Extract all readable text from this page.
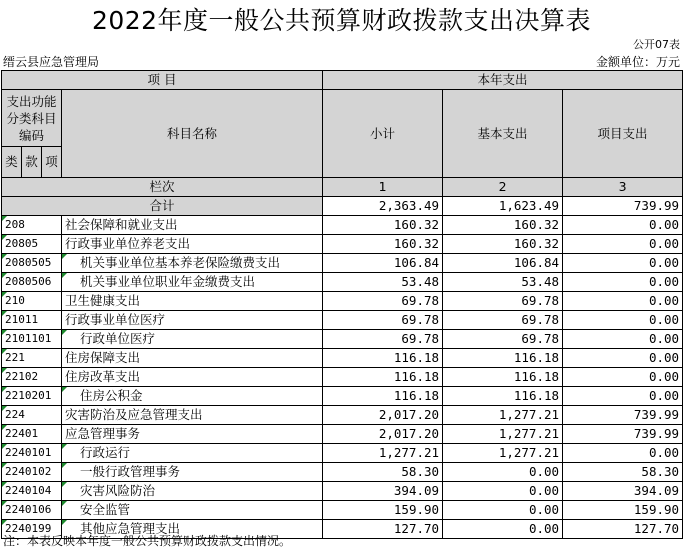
2022年度一般公共预算财政拨款支出决算表
公开07表
缙云县应急管理局	金额单位：万元
项 目				本年支出		
支出功能分类科目编码			科目名称	小计	基本支出	项目支出
类	款	项				
栏次				1	2	3
合计				2,363.49	1,623.49	739.99
208			社会保障和就业支出	160.32	160.32	0.00
20805			行政事业单位养老支出	160.32	160.32	0.00
2080505			机关事业单位基本养老保险缴费支出	106.84	106.84	0.00
2080506			机关事业单位职业年金缴费支出	53.48	53.48	0.00
210			卫生健康支出	69.78	69.78	0.00
21011			行政事业单位医疗	69.78	69.78	0.00
2101101			行政单位医疗	69.78	69.78	0.00
221			住房保障支出	116.18	116.18	0.00
22102			住房改革支出	116.18	116.18	0.00
2210201			住房公积金	116.18	116.18	0.00
224			灾害防治及应急管理支出	2,017.20	1,277.21	739.99
22401			应急管理事务	2,017.20	1,277.21	739.99
2240101			行政运行	1,277.21	1,277.21	0.00
2240102			一般行政管理事务	58.30	0.00	58.30
2240104			灾害风险防治	394.09	0.00	394.09
2240106			安全监管	159.90	0.00	159.90
2240199			其他应急管理支出	127.70	0.00	127.70
注：本表反映本年度一般公共预算财政拨款支出情况。
